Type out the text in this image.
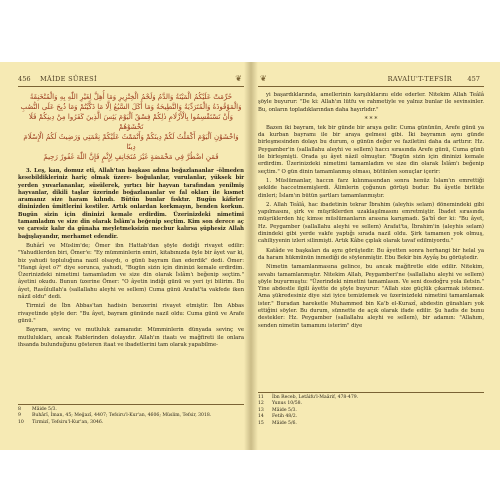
456 MÂİDE SÛRESİ	❦
حُرِّمَتْ عَلَيْكُمُ الْمَيْتَةُ وَالدَّمُ وَلَحْمُ الْخِنْزِيرِ وَمَا أُهِلَّ لِغَيْرِ اللّٰهِ بِهِ وَالْمُنْخَنِقَةُ
وَالْمَوْقُوذَةُ وَالْمُتَرَدِّيَةُ وَالنَّطِيحَةُ وَمَا أَكَلَ السَّبُعُ اِلَّا مَا ذَكَّيْتُمْ وَمَا ذُبِحَ عَلَى النُّصُبِ
وَأَنْ تَسْتَقْسِمُوا بِالْأَزْلَامِ ذٰلِكُمْ فِسْقٌ اَلْيَوْمَ يَئِسَ الَّذِينَ كَفَرُوا مِنْ دِينِكُمْ فَلَا تَخْشَوْهُمْ
وَاخْشَوْنِ اَلْيَوْمَ أَكْمَلْتُ لَكُمْ دِينَكُمْ وَأَتْمَمْتُ عَلَيْكُمْ نِعْمَتِي وَرَضِيتُ لَكُمُ الْإِسْلَامَ دِينًا
فَمَنِ اضْطُرَّ فِي مَخْمَصَةٍ غَيْرَ مُتَجَانِفٍ لِإِثْمٍ فَإِنَّ اللّٰهَ غَفُورٌ رَحِيمٌ

3. Leş, kan, domuz eti, Allah'tan başkası adına boğazlananlar -ölmeden kesebildikleriniz hariç olmak üzere- boğulanlar, vurulanlar, yüksek bir yerden yuvarlananlar, süsülerek, yırtıcı bir hayvan tarafından yenilmiş hayvanlar, dikili taşlar üzerinde boğazlananlar ve fal okları ile kısmet aramanız size haram kılındı. Bütün bunlar fısktır. Bugün kâfirler dininizden ümitlerini kestiler. Artık onlardan korkmayın, benden korkun. Bugün sizin için dininizi kemale erdirdim. Üzerinizdeki nimetimi tamamladım ve size din olarak İslâm'a beğenip seçtim. Kim son derece aç ve çaresiz kalır da günaha meyletmeksizin mecbur kalırsa şüphesiz Allah bağışlayandır, merhamet edendir.

Buhârî ve Müslim'de; Ömer ibn Hattab'dan şöyle dediği rivayet edilir: "Yahudilerden biri, Ömer'e: "Ey mümminlerin emiri, kitabınızda öyle bir âyet var ki, biz yahudi topluluğuna nazil olsaydı, o günü bayram ilan ederdik" dedi. Ömer: "Hangi âyet o?" diye sorunca, yahudi, "Bugün sizin için dininizi kemale erdirdim. Üzerinizdeki nimetimi tamamladım ve size din olarak İslâm'ı beğenip seçtim." âyetini okudu. Bunun üzerine Ömer: "O âyetin indiği günü ve yeri iyi bilirim. Bu âyet, Rasûlullah'a (sallallahu aleyhi ve sellem) Cuma günü Arafat'ta vakfede iken nâzil oldu" dedi.

Tirmizî de İbn Abbas'tan hadisin benzerini rivayet etmiştir. İbn Abbas rivayetinde şöyle der: "Bu âyet, bayram gününde nazil oldu: Cuma günü ve Arafe günü."

Bayram, sevinç ve mutluluk zamanıdır. Mümminlerin dünyada sevinç ve mutlulukları, ancak Rablerinden dolayıdır. Allah'ın itaatı ve mağfireti ile onlara ihsanda bulunduğunu gösteren itaat ve ibadetlerini tam olarak yapabilme-

8 Mâide 5/3.
9 Buhârî, İman, 45; Meğazî, 4407; Tefsiru'l-Kur'an, 4606; Müslim, Tefsir, 3018.
10 Tirmizî, Tefsiru'l-Kur'an, 3046.
❦	RAVAİU'T-TEFSİR 457

yi başardıklarında, amellerinin karşılıklarını elde ederler. Nitekim Allah Teâlâ şöyle buyurur: "De ki: Allah'ın lütfu ve rahmetiyle ve yalnız bunlar ile sevinsinler. Bu, onların topladıklarından daha hayırlıdır."

* * *

Bazen iki bayram, tek bir günde bir araya gelir. Cuma gününün, Arefe günü ya da kurban bayramı ile bir araya gelmesi gibi. İki bayramın aynı günde birleşmesinden dolayı bu durum, o günün değer ve faziletini daha da arttırır. Hz. Peygamber'in (sallallahu aleyhi ve sellem) haccı sırasında Arefe günü, Cuma günü ile birleşmişti. Orada şu âyet nâzil olmuştur. "Bugün sizin için dininizi kemale erdirdim. Üzerinizdeki nimetimi tamamladım ve size din olarak İslâm'ı beğenip seçtim." O gün dinin tamamlanmış olması, bütünlen sonuçlar içerir:

1. Müslümanlar, haccın farz kılınmasından sonra henüz İslam'ın emrettiği şekilde haccetmemişlerdi. Âlimlerin çoğunun görüşü budur. Bu âyetle birlikte dinleri; İslam'ın bütün şartları tamamlanmıştır.

2. Allah Teâlâ, hac ibadetinin tekrar İbrahim (aleyhis selam) dönemindeki gibi yapılmasını, şirk ve müşriklerden uzaklaşılmasını emretmiştir. İbadet sırasında müşriklerden hiç kimse müslümanların arasına karışmadı. Şa'bî der ki: "Bu âyet, Hz. Peygamber (sallallahu aleyhi ve sellem) Arafat'ta, İbrahim'in (aleyhis selam) dinindeki gibi yerde vakfe yaptığı sırada nazil oldu. Şirk tamamen yok olmuş, cahiliyyenin izleri silinmişti. Artık Kâbe çıplak olarak tavaf edilmiyordu."

Katâde ve başkaları da aynı görüştedir. Bu âyetten sonra herhangi bir helal ya da haram hükmünün inmediği de söylenmiştir. Ebu Bekir bin Ayyâş bu görüştedir.

Nimetin tamamlanmasına gelince, bu ancak mağfiretle elde edilir. Nitekim, sevabı tamamlanmıştır. Nitekim Allah, Peygamberi'ne (sallallahu aleyhi ve sellem) şöyle buyurmuştu: "Üzerindeki nimetini tamamlasın. Ve seni dosdoğru yola iletsin." Yine abdestle ilgili âyette de şöyle buyurur: "Allah size güçlük çıkarmak istemez. Ama şükredesiniz diye sizi iyice temizlemek ve üzerinizdeki nimetini tamamlamak ister." Buradan hareketle Muhammed bin Ka'b el-Kurazî, abdestin günahları yok ettiğini söyler. Bu durum, sünnette de açık olarak ifade edilir. Şu hadis de bunu destekler: Hz. Peygamber (sallallahu aleyhi ve sellem), bir adamın: "Allahım, senden nimetin tamamını isterim" diye

11 İbn Receb, Letâifu'l-Maârif, 478-479.
12 Yunus 10/58.
13 Mâide 5/3.
14 Fetih 48/2.
15 Mâide 5/6.
